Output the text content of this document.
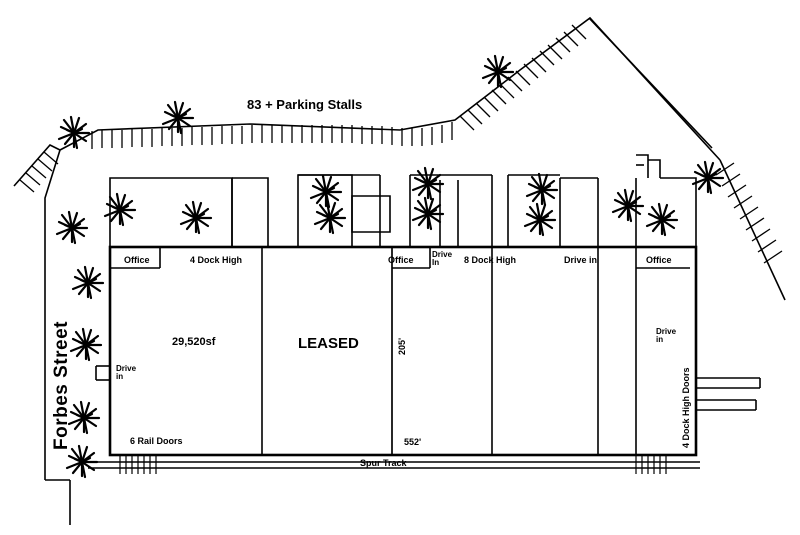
Forbes Street
83 + Parking Stalls
Office	4 Dock High	Office
Drive
In	8 Dock High	Drive in	Office
29,520sf	LEASED	205'
552'
Drive
in
Drive
in
6 Rail Doors
Spur Track
4 Dock High Doors
